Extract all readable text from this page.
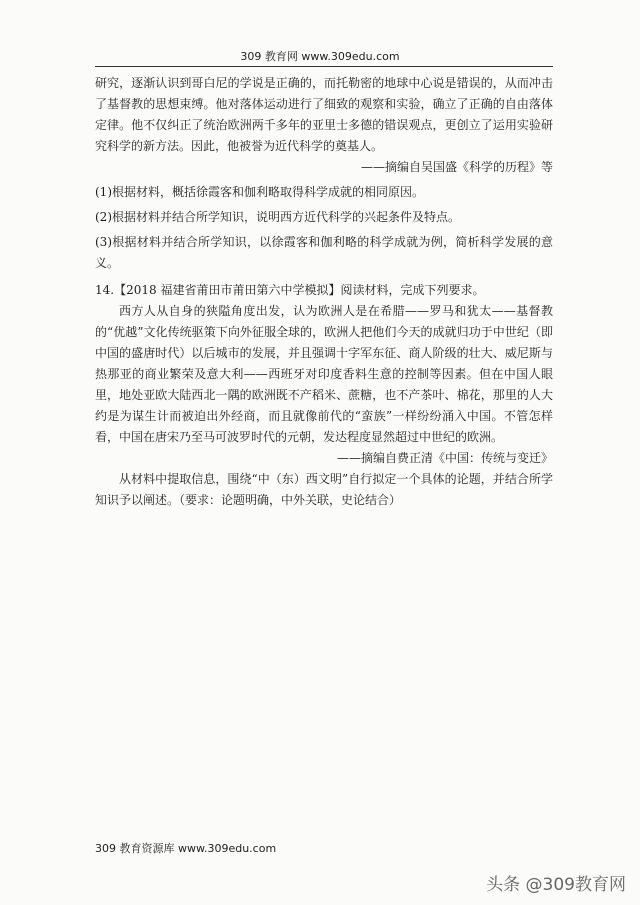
309 教育网 www.309edu.com

研究，逐渐认识到哥白尼的学说是正确的，而托勒密的地球中心说是错误的，从而冲击了基督教的思想束缚。他对落体运动进行了细致的观察和实验，确立了正确的自由落体定律。他不仅纠正了统治欧洲两千多年的亚里士多德的错误观点，更创立了运用实验研究科学的新方法。因此，他被誉为近代科学的奠基人。

——摘编自吴国盛《科学的历程》等

(1)根据材料，概括徐霞客和伽利略取得科学成就的相同原因。

(2)根据材料并结合所学知识，说明西方近代科学的兴起条件及特点。

(3)根据材料并结合所学知识，以徐霞客和伽利略的科学成就为例，简析科学发展的意义。

14.【2018 福建省莆田市莆田第六中学模拟】阅读材料，完成下列要求。

西方人从自身的狭隘角度出发，认为欧洲人是在希腊——罗马和犹太——基督教的“优越”文化传统驱策下向外征服全球的，欧洲人把他们今天的成就归功于中世纪（即中国的盛唐时代）以后城市的发展，并且强调十字军东征、商人阶级的壮大、威尼斯与热那亚的商业繁荣及意大利——西班牙对印度香料生意的控制等因素。但在中国人眼里，地处亚欧大陆西北一隅的欧洲既不产稻米、蔗糖，也不产茶叶、棉花，那里的人大约是为谋生计而被迫出外经商，而且就像前代的“蛮族”一样纷纷涌入中国。不管怎样看，中国在唐宋乃至马可波罗时代的元朝，发达程度显然超过中世纪的欧洲。

——摘编自费正清《中国：传统与变迁》

从材料中提取信息，围绕“中（东）西文明”自行拟定一个具体的论题，并结合所学知识予以阐述。（要求：论题明确，中外关联，史论结合）

309 教育资源库 www.309edu.com
头条 @309教育网
